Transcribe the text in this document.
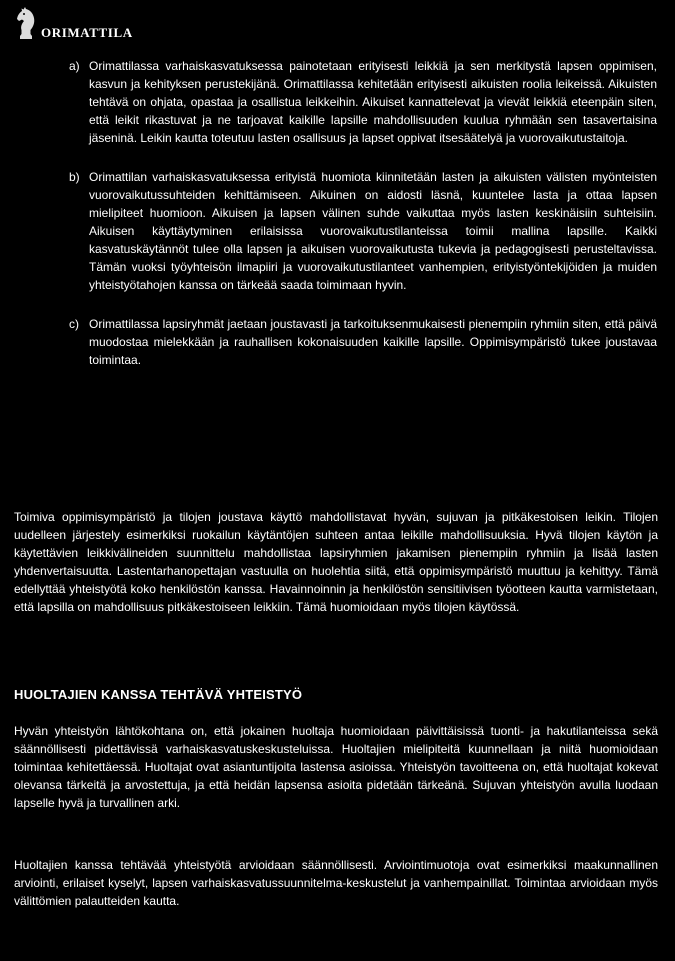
ORIMATTILA
a) Orimattilassa varhaiskasvatuksessa painotetaan erityisesti leikkiä ja sen merkitystä lapsen oppimisen, kasvun ja kehityksen perustekijänä. Orimattilassa kehitetään erityisesti aikuisten roolia leikeissä. Aikuisten tehtävä on ohjata, opastaa ja osallistua leikkeihin. Aikuiset kannattelevat ja vievät leikkiä eteenpäin siten, että leikit rikastuvat ja ne tarjoavat kaikille lapsille mahdollisuuden kuulua ryhmään sen tasavertaisina jäseninä. Leikin kautta toteutuu lasten osallisuus ja lapset oppivat itsesäätelyä ja vuorovaikutustaitoja.

b) Orimattilan varhaiskasvatuksessa erityistä huomiota kiinnitetään lasten ja aikuisten välisten myönteisten vuorovaikutussuhteiden kehittämiseen. Aikuinen on aidosti läsnä, kuuntelee lasta ja ottaa lapsen mielipiteet huomioon. Aikuisen ja lapsen välinen suhde vaikuttaa myös lasten keskinäisiin suhteisiin. Aikuisen käyttäytyminen erilaisissa vuorovaikutustilanteissa toimii mallina lapsille. Kaikki kasvatuskäytännöt tulee olla lapsen ja aikuisen vuorovaikutusta tukevia ja pedagogisesti perusteltavissa. Tämän vuoksi työyhteisön ilmapiiri ja vuorovaikutustilanteet vanhempien, erityistyöntekijöiden ja muiden yhteistyötahojen kanssa on tärkeää saada toimimaan hyvin.

c) Orimattilassa lapsiryhmät jaetaan joustavasti ja tarkoituksenmukaisesti pienempiin ryhmiin siten, että päivä muodostaa mielekkään ja rauhallisen kokonaisuuden kaikille lapsille. Oppimisympäristö tukee joustavaa toimintaa.

Toimiva oppimisympäristö ja tilojen joustava käyttö mahdollistavat hyvän, sujuvan ja pitkäkestoisen leikin. Tilojen uudelleen järjestely esimerkiksi ruokailun käytäntöjen suhteen antaa leikille mahdollisuuksia. Hyvä tilojen käytön ja käytettävien leikkivälineiden suunnittelu mahdollistaa lapsiryhmien jakamisen pienempiin ryhmiin ja lisää lasten yhdenvertaisuutta. Lastentarhanopettajan vastuulla on huolehtia siitä, että oppimisympäristö muuttuu ja kehittyy. Tämä edellyttää yhteistyötä koko henkilöstön kanssa. Havainnoinnin ja henkilöstön sensitiivisen työotteen kautta varmistetaan, että lapsilla on mahdollisuus pitkäkestoiseen leikkiin. Tämä huomioidaan myös tilojen käytössä.

HUOLTAJIEN KANSSA TEHTÄVÄ YHTEISTYÖ

Hyvän yhteistyön lähtökohtana on, että jokainen huoltaja huomioidaan päivittäisissä tuonti- ja hakutilanteissa sekä säännöllisesti pidettävissä varhaiskasvatuskeskusteluissa. Huoltajien mielipiteitä kuunnellaan ja niitä huomioidaan toimintaa kehitettäessä. Huoltajat ovat asiantuntijoita lastensa asioissa. Yhteistyön tavoitteena on, että huoltajat kokevat olevansa tärkeitä ja arvostettuja, ja että heidän lapsensa asioita pidetään tärkeänä. Sujuvan yhteistyön avulla luodaan lapselle hyvä ja turvallinen arki.

Huoltajien kanssa tehtävää yhteistyötä arvioidaan säännöllisesti. Arviointimuotoja ovat esimerkiksi maakunnallinen arviointi, erilaiset kyselyt, lapsen varhaiskasvatussuunnitelma-keskustelut ja vanhempainillat. Toimintaa arvioidaan myös välittömien palautteiden kautta.
